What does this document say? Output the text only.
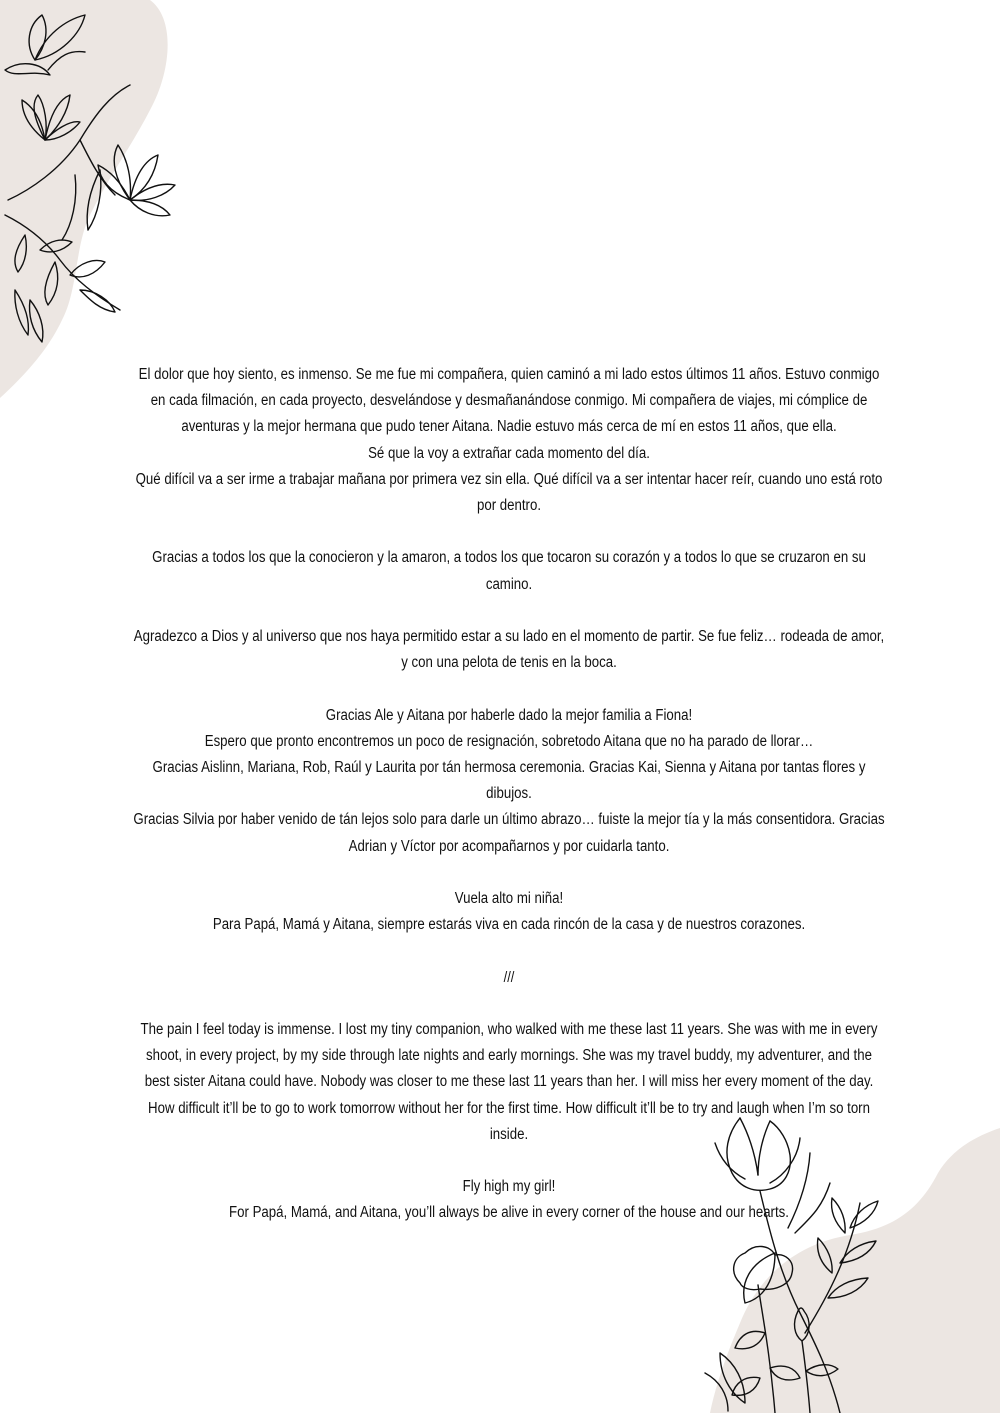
El dolor que hoy siento, es inmenso. Se me fue mi compañera, quien caminó a mi lado estos últimos 11 años. Estuvo conmigo en cada filmación, en cada proyecto, desvelándose y desmañanándose conmigo. Mi compañera de viajes, mi cómplice de aventuras y la mejor hermana que pudo tener Aitana. Nadie estuvo más cerca de mí en estos 11 años, que ella.

Sé que la voy a extrañar cada momento del día.

Qué difícil va a ser irme a trabajar mañana por primera vez sin ella. Qué difícil va a ser intentar hacer reír, cuando uno está roto por dentro.

Gracias a todos los que la conocieron y la amaron, a todos los que tocaron su corazón y a todos lo que se cruzaron en su camino.

Agradezco a Dios y al universo que nos haya permitido estar a su lado en el momento de partir. Se fue feliz… rodeada de amor, y con una pelota de tenis en la boca.

Gracias Ale y Aitana por haberle dado la mejor familia a Fiona!

Espero que pronto encontremos un poco de resignación, sobretodo Aitana que no ha parado de llorar…

Gracias Aislinn, Mariana, Rob, Raúl y Laurita por tán hermosa ceremonia. Gracias Kai, Sienna y Aitana por tantas flores y dibujos.

Gracias Silvia por haber venido de tán lejos solo para darle un último abrazo… fuiste la mejor tía y la más consentidora. Gracias Adrian y Víctor por acompañarnos y por cuidarla tanto.

Vuela alto mi niña!

Para Papá, Mamá y Aitana, siempre estarás viva en cada rincón de la casa y de nuestros corazones.

///

The pain I feel today is immense. I lost my tiny companion, who walked with me these last 11 years. She was with me in every shoot, in every project, by my side through late nights and early mornings. She was my travel buddy, my adventurer, and the best sister Aitana could have. Nobody was closer to me these last 11 years than her. I will miss her every moment of the day. How difficult it’ll be to go to work tomorrow without her for the first time. How difficult it’ll be to try and laugh when I’m so torn inside.

Fly high my girl!

For Papá, Mamá, and Aitana, you’ll always be alive in every corner of the house and our hearts.
